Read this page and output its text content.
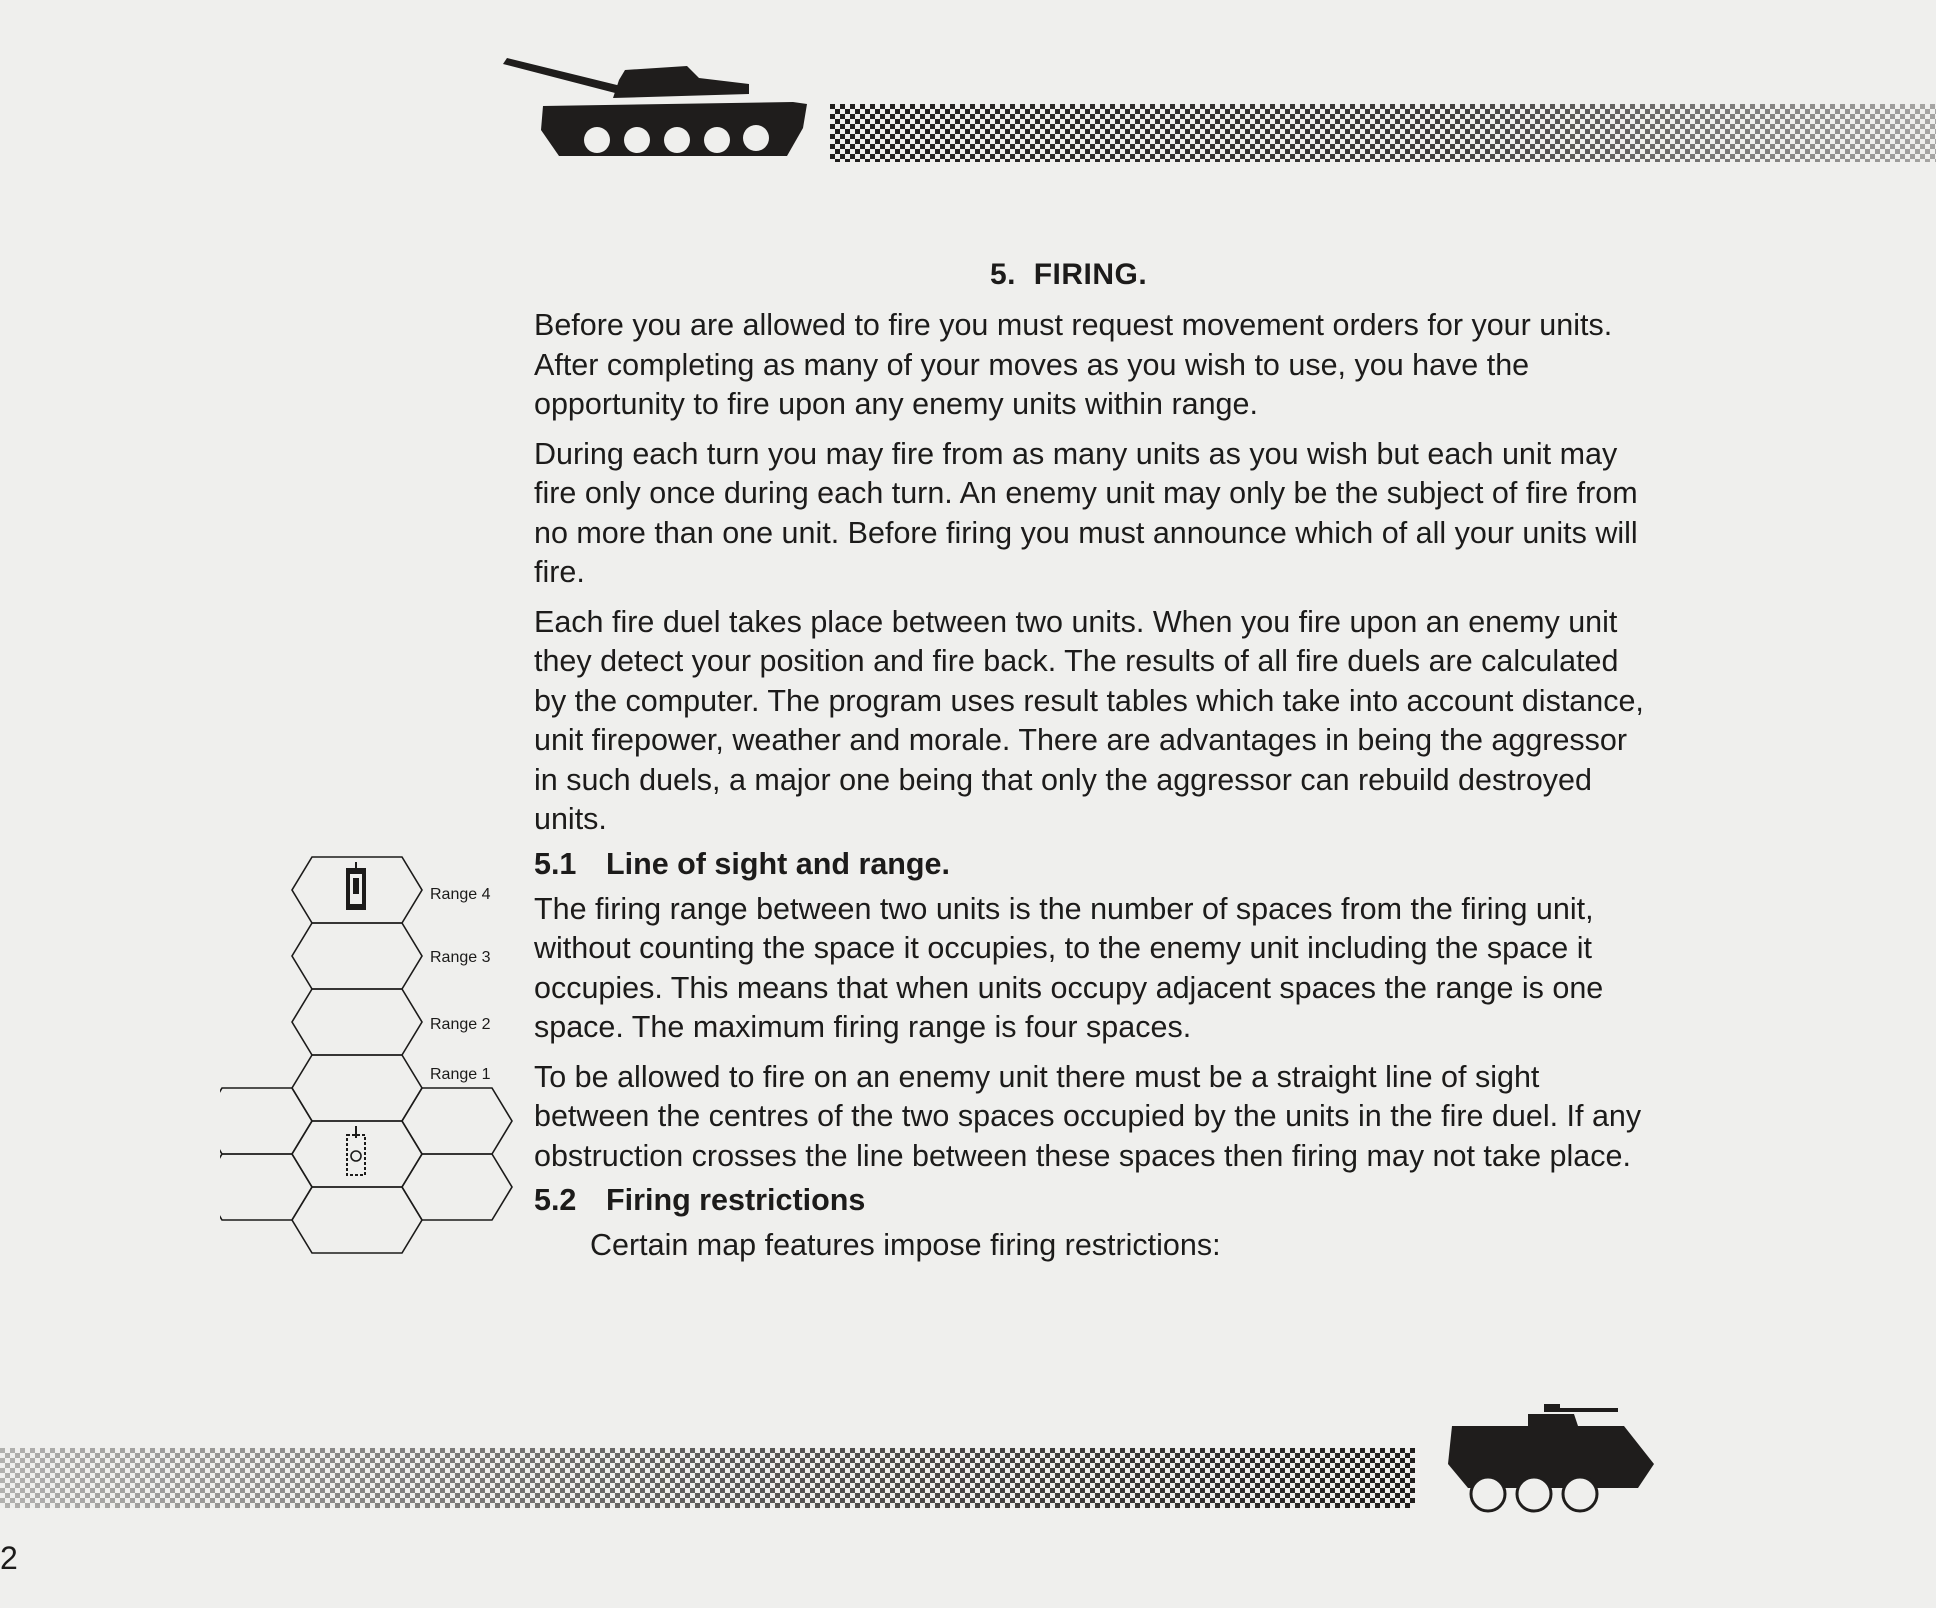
5. FIRING.

Before you are allowed to fire you must request movement orders for your units. After completing as many of your moves as you wish to use, you have the opportunity to fire upon any enemy units within range.

During each turn you may fire from as many units as you wish but each unit may fire only once during each turn. An enemy unit may only be the subject of fire from no more than one unit. Before firing you must announce which of all your units will fire.

Each fire duel takes place between two units. When you fire upon an enemy unit they detect your position and fire back. The results of all fire duels are calculated by the computer. The program uses result tables which take into account distance, unit firepower, weather and morale. There are advantages in being the aggressor in such duels, a major one being that only the aggressor can rebuild destroyed units.

5.1 Line of sight and range.

The firing range between two units is the number of spaces from the firing unit, without counting the space it occupies, to the enemy unit including the space it occupies. This means that when units occupy adjacent spaces the range is one space. The maximum firing range is four spaces.

To be allowed to fire on an enemy unit there must be a straight line of sight between the centres of the two spaces occupied by the units in the fire duel. If any obstruction crosses the line between these spaces then firing may not take place.

5.2 Firing restrictions

Certain map features impose firing restrictions:

Range 4
Range 3
Range 2
Range 1
2
